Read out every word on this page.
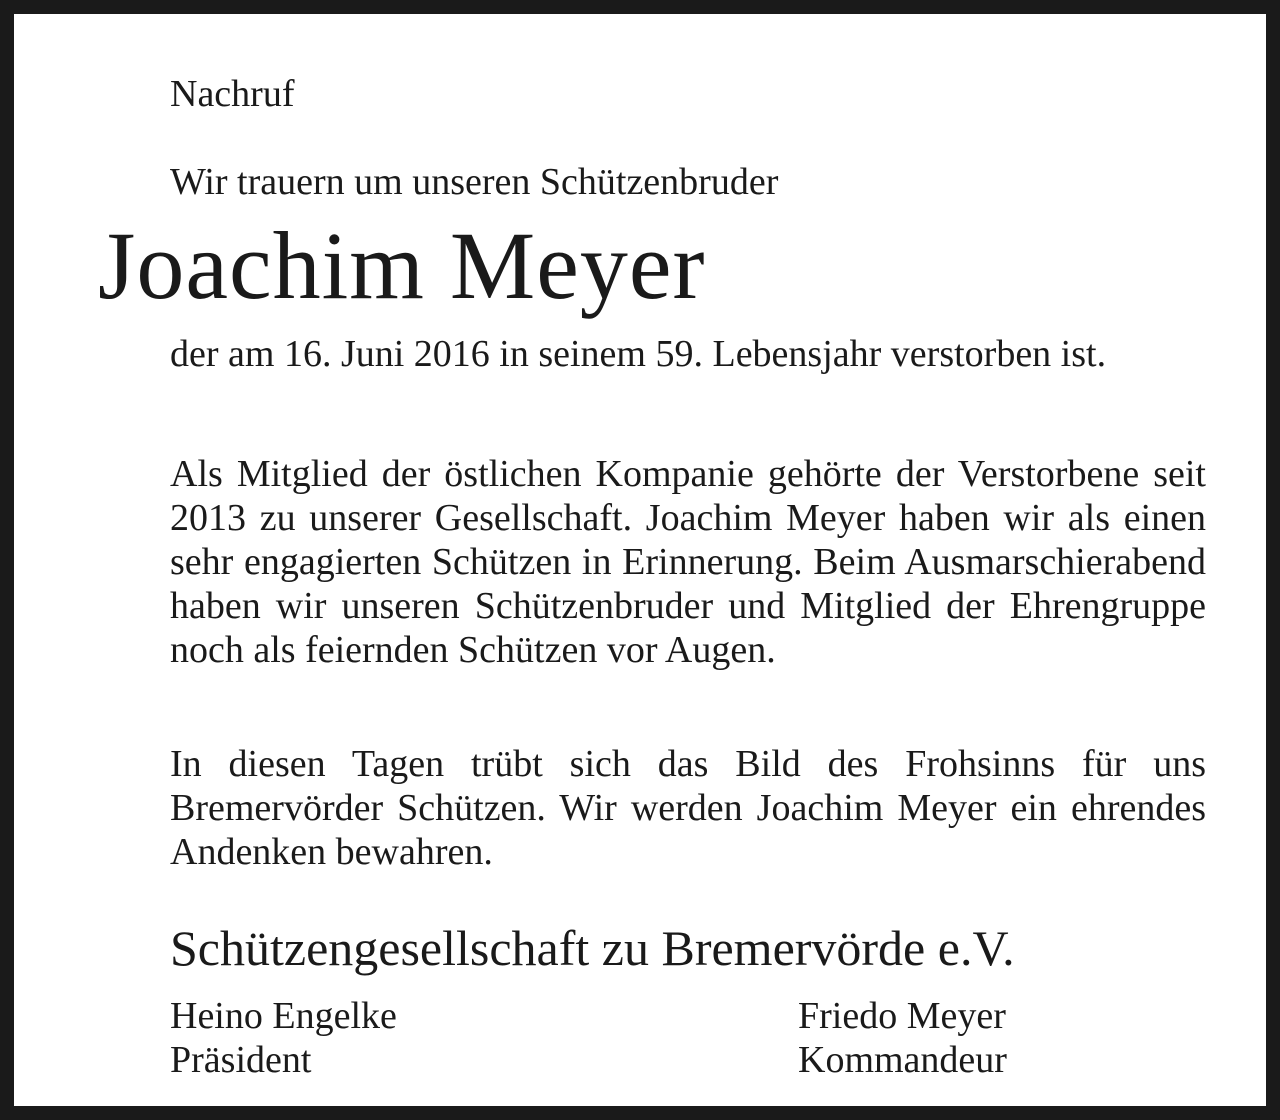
Nachruf
Wir trauern um unseren Schützenbruder
Joachim Meyer

der am 16. Juni 2016 in seinem 59. Lebensjahr verstorben ist.

Als Mitglied der östlichen Kompanie gehörte der Verstorbene seit 2013 zu unserer Gesellschaft. Joachim Meyer haben wir als einen sehr engagierten Schützen in Erinnerung. Beim Ausmarschierabend haben wir unseren Schützenbruder und Mitglied der Ehrengruppe noch als feiernden Schützen vor Augen.

In diesen Tagen trübt sich das Bild des Frohsinns für uns Bremervörder Schützen. Wir werden Joachim Meyer ein ehrendes Andenken bewahren.

Schützengesellschaft zu Bremervörde e.V.
Heino Engelke
Präsident
Friedo Meyer
Kommandeur
